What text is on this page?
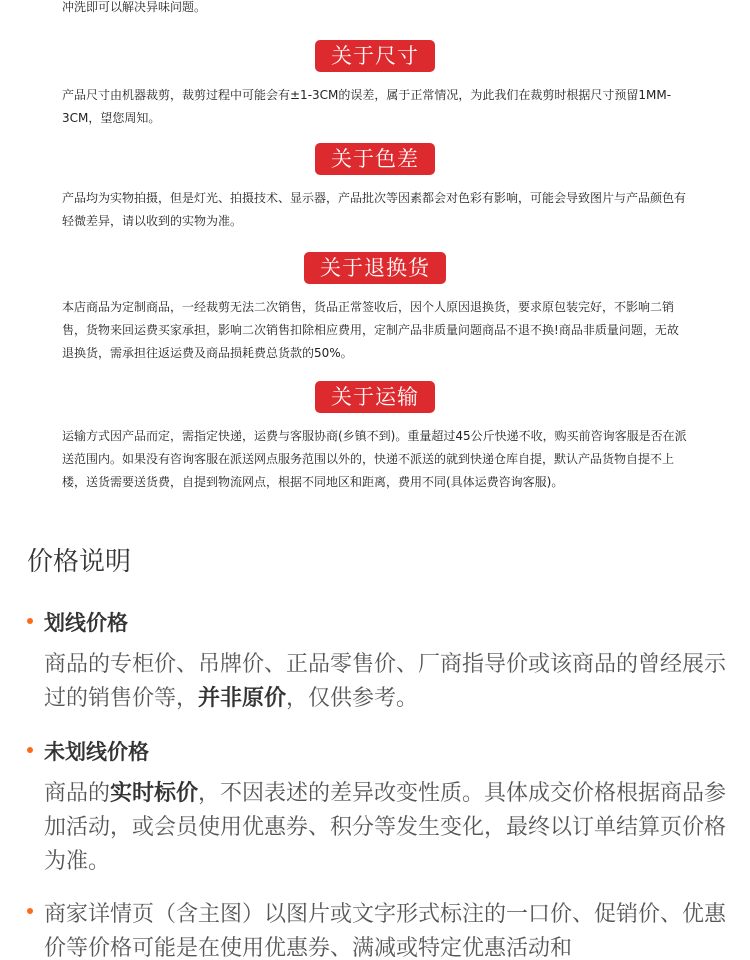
冲洗即可以解决异味问题。
关于尺寸
产品尺寸由机器裁剪，裁剪过程中可能会有±1-3CM的误差，属于正常情况，为此我们在裁剪时根据尺寸预留1MM-3CM，望您周知。
关于色差
产品均为实物拍摄，但是灯光、拍摄技术、显示器，产品批次等因素都会对色彩有影响，可能会导致图片与产品颜色有轻微差异，请以收到的实物为准。
关于退换货
本店商品为定制商品，一经裁剪无法二次销售，货品正常签收后，因个人原因退换货，要求原包装完好，不影响二销售，货物来回运费买家承担，影响二次销售扣除相应费用，定制产品非质量问题商品不退不换!商品非质量问题，无故退换货，需承担往返运费及商品损耗费总货款的50%。
关于运输
运输方式因产品而定，需指定快递，运费与客服协商(乡镇不到)。重量超过45公斤快递不收，购买前咨询客服是否在派送范围内。如果没有咨询客服在派送网点服务范围以外的，快递不派送的就到快递仓库自提，默认产品货物自提不上楼，送货需要送货费，自提到物流网点，根据不同地区和距离，费用不同(具体运费咨询客服)。
价格说明
划线价格
商品的专柜价、吊牌价、正品零售价、厂商指导价或该商品的曾经展示过的销售价等，并非原价，仅供参考。
未划线价格
商品的实时标价，不因表述的差异改变性质。具体成交价格根据商品参加活动，或会员使用优惠券、积分等发生变化，最终以订单结算页价格为准。
商家详情页（含主图）以图片或文字形式标注的一口价、促销价、优惠价等价格可能是在使用优惠券、满减或特定优惠活动和
